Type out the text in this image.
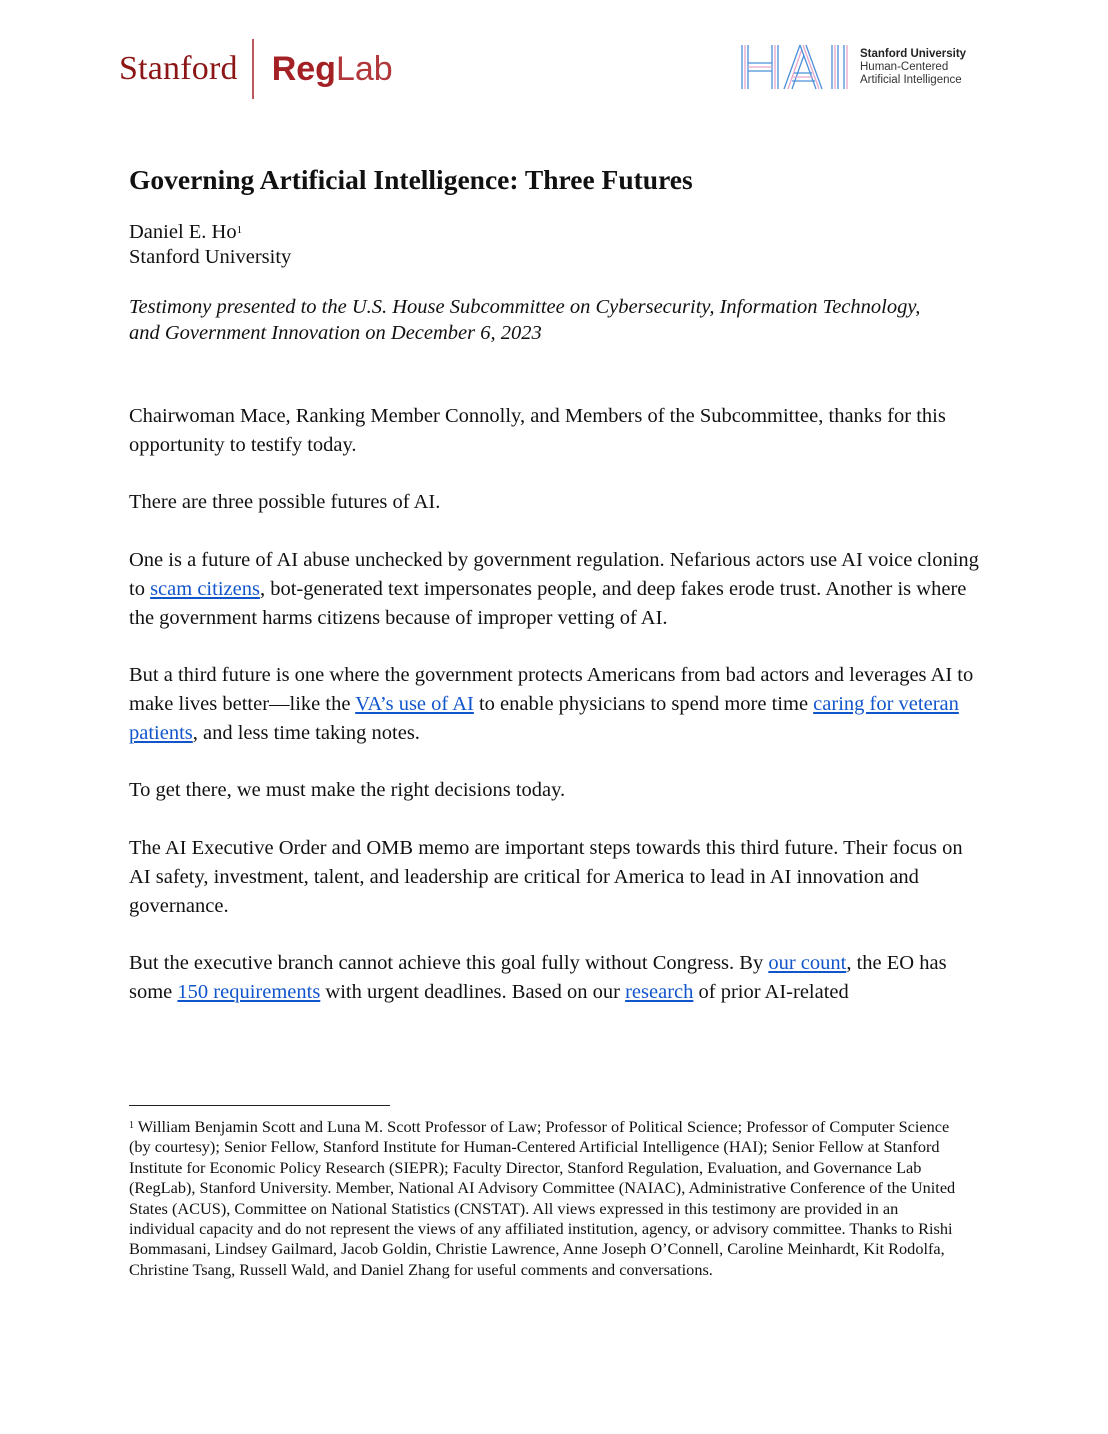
Stanford RegLab	Stanford University
Human-Centered
Artificial Intelligence
Governing Artificial Intelligence: Three Futures
Daniel E. Ho$^1$
Stanford University
Testimony presented to the U.S. House Subcommittee on Cybersecurity, Information Technology,
and Government Innovation on December 6, 2023
Chairwoman Mace, Ranking Member Connolly, and Members of the Subcommittee, thanks for this opportunity to testify today.
There are three possible futures of AI.
One is a future of AI abuse unchecked by government regulation. Nefarious actors use AI voice cloning to scam citizens, bot-generated text impersonates people, and deep fakes erode trust. Another is where the government harms citizens because of improper vetting of AI.
But a third future is one where the government protects Americans from bad actors and leverages AI to make lives better—like the VA’s use of AI to enable physicians to spend more time caring for veteran patients, and less time taking notes.
To get there, we must make the right decisions today.
The AI Executive Order and OMB memo are important steps towards this third future. Their focus on AI safety, investment, talent, and leadership are critical for America to lead in AI innovation and governance.
But the executive branch cannot achieve this goal fully without Congress. By our count, the EO has some 150 requirements with urgent deadlines. Based on our research of prior AI-related
$^1$ William Benjamin Scott and Luna M. Scott Professor of Law; Professor of Political Science; Professor of Computer Science (by courtesy); Senior Fellow, Stanford Institute for Human-Centered Artificial Intelligence (HAI); Senior Fellow at Stanford Institute for Economic Policy Research (SIEPR); Faculty Director, Stanford Regulation, Evaluation, and Governance Lab (RegLab), Stanford University. Member, National AI Advisory Committee (NAIAC), Administrative Conference of the United States (ACUS), Committee on National Statistics (CNSTAT). All views expressed in this testimony are provided in an individual capacity and do not represent the views of any affiliated institution, agency, or advisory committee. Thanks to Rishi Bommasani, Lindsey Gailmard, Jacob Goldin, Christie Lawrence, Anne Joseph O’Connell, Caroline Meinhardt, Kit Rodolfa, Christine Tsang, Russell Wald, and Daniel Zhang for useful comments and conversations.
